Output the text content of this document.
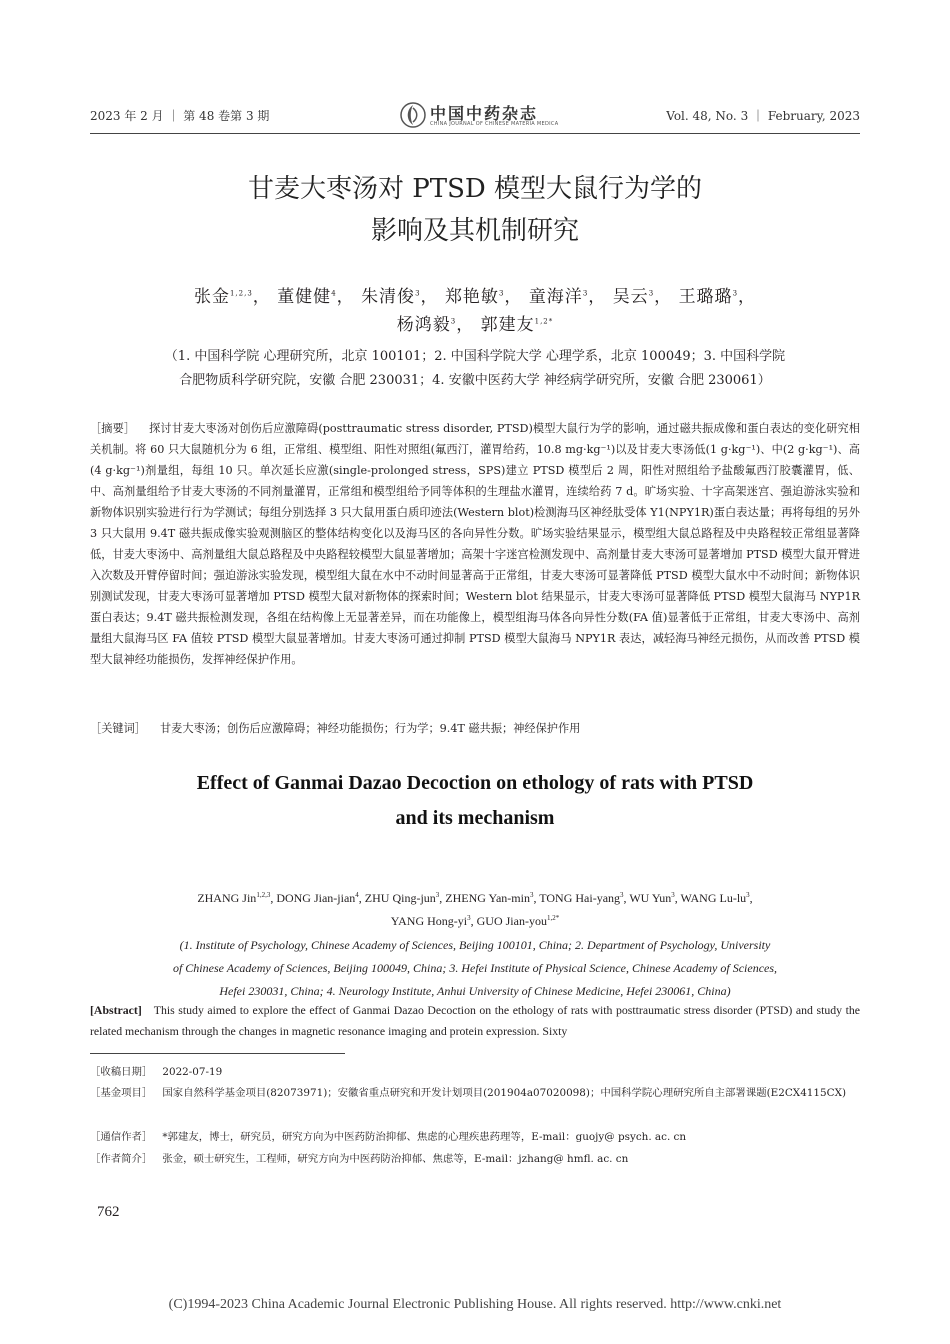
2023 年 2 月 ｜ 第 48 卷第 3 期	中国中药杂志
CHINA JOURNAL OF CHINESE MATERIA MEDICA
Vol. 48, No. 3 ｜ February, 2023
甘麦大枣汤对 PTSD 模型大鼠行为学的
影响及其机制研究
张金$^{1,2,3}$， 董健健$^4$， 朱清俊$^3$， 郑艳敏$^3$， 童海洋$^3$， 吴云$^3$， 王璐璐$^3$，
杨鸿毅$^3$， 郭建友$^{1,2*}$
（1. 中国科学院 心理研究所，北京 100101；2. 中国科学院大学 心理学系，北京 100049；3. 中国科学院
合肥物质科学研究院，安徽 合肥 230031；4. 安徽中医药大学 神经病学研究所，安徽 合肥 230061）

［摘要］ 探讨甘麦大枣汤对创伤后应激障碍(posttraumatic stress disorder, PTSD)模型大鼠行为学的影响，通过磁共振成像和蛋白表达的变化研究相关机制。将 60 只大鼠随机分为 6 组，正常组、模型组、阳性对照组(氟西汀，灌胃给药，10.8 mg·kg⁻¹)以及甘麦大枣汤低(1 g·kg⁻¹)、中(2 g·kg⁻¹)、高(4 g·kg⁻¹)剂量组，每组 10 只。单次延长应激(single-prolonged stress，SPS)建立 PTSD 模型后 2 周，阳性对照组给予盐酸氟西汀胶囊灌胃，低、中、高剂量组给予甘麦大枣汤的不同剂量灌胃，正常组和模型组给予同等体积的生理盐水灌胃，连续给药 7 d。旷场实验、十字高架迷宫、强迫游泳实验和新物体识别实验进行行为学测试；每组分别选择 3 只大鼠用蛋白质印迹法(Western blot)检测海马区神经肽受体 Y1(NPY1R)蛋白表达量；再将每组的另外 3 只大鼠用 9.4T 磁共振成像实验观测脑区的整体结构变化以及海马区的各向异性分数。旷场实验结果显示，模型组大鼠总路程及中央路程较正常组显著降低，甘麦大枣汤中、高剂量组大鼠总路程及中央路程较模型大鼠显著增加；高架十字迷宫检测发现中、高剂量甘麦大枣汤可显著增加 PTSD 模型大鼠开臂进入次数及开臂停留时间；强迫游泳实验发现，模型组大鼠在水中不动时间显著高于正常组，甘麦大枣汤可显著降低 PTSD 模型大鼠水中不动时间；新物体识别测试发现，甘麦大枣汤可显著增加 PTSD 模型大鼠对新物体的探索时间；Western blot 结果显示，甘麦大枣汤可显著降低 PTSD 模型大鼠海马 NYP1R 蛋白表达；9.4T 磁共振检测发现，各组在结构像上无显著差异，而在功能像上，模型组海马体各向异性分数(FA 值)显著低于正常组，甘麦大枣汤中、高剂量组大鼠海马区 FA 值较 PTSD 模型大鼠显著增加。甘麦大枣汤可通过抑制 PTSD 模型大鼠海马 NPY1R 表达，减轻海马神经元损伤，从而改善 PTSD 模型大鼠神经功能损伤，发挥神经保护作用。

［关键词］ 甘麦大枣汤；创伤后应激障碍；神经功能损伤；行为学；9.4T 磁共振；神经保护作用

Effect of Ganmai Dazao Decoction on ethology of rats with PTSD
and its mechanism
ZHANG Jin$^{1,2,3}$, DONG Jian-jian$^4$, ZHU Qing-jun$^3$, ZHENG Yan-$\min^3$, TONG Hai-yang$^3$, WU Yun$^3$, WANG $Lu-lu^3$,
YANG Hong-$yi^3$, GUO Jian-you$^{1,2*}$
(1. Institute of Psychology, Chinese Academy of Sciences, Beijing 100101, China; 2. Department of Psychology, University
of Chinese Academy of Sciences, Beijing 100049, China; 3. Hefei Institute of Physical Science, Chinese Academy of Sciences,
Hefei 230031, China; 4. Neurology Institute, Anhui University of Chinese Medicine, Hefei 230061, China)

[Abstract] This study aimed to explore the effect of Ganmai Dazao Decoction on the ethology of rats with posttraumatic stress disorder (PTSD) and study the related mechanism through the changes in magnetic resonance imaging and protein expression. Sixty

［收稿日期］ 2022-07-19

［基金项目］ 国家自然科学基金项目(82073971)；安徽省重点研究和开发计划项目(201904a07020098)；中国科学院心理研究所自主部署课题(E2CX4115CX)

［通信作者］ *郭建友，博士，研究员，研究方向为中医药防治抑郁、焦虑的心理疾患药理等，E-mail：guojy@ psych. ac. cn

［作者简介］ 张金，硕士研究生，工程师，研究方向为中医药防治抑郁、焦虑等，E-mail：jzhang@ hmfl. ac. cn

762
(C)1994-2023 China Academic Journal Electronic Publishing House. All rights reserved. http://www.cnki.net
